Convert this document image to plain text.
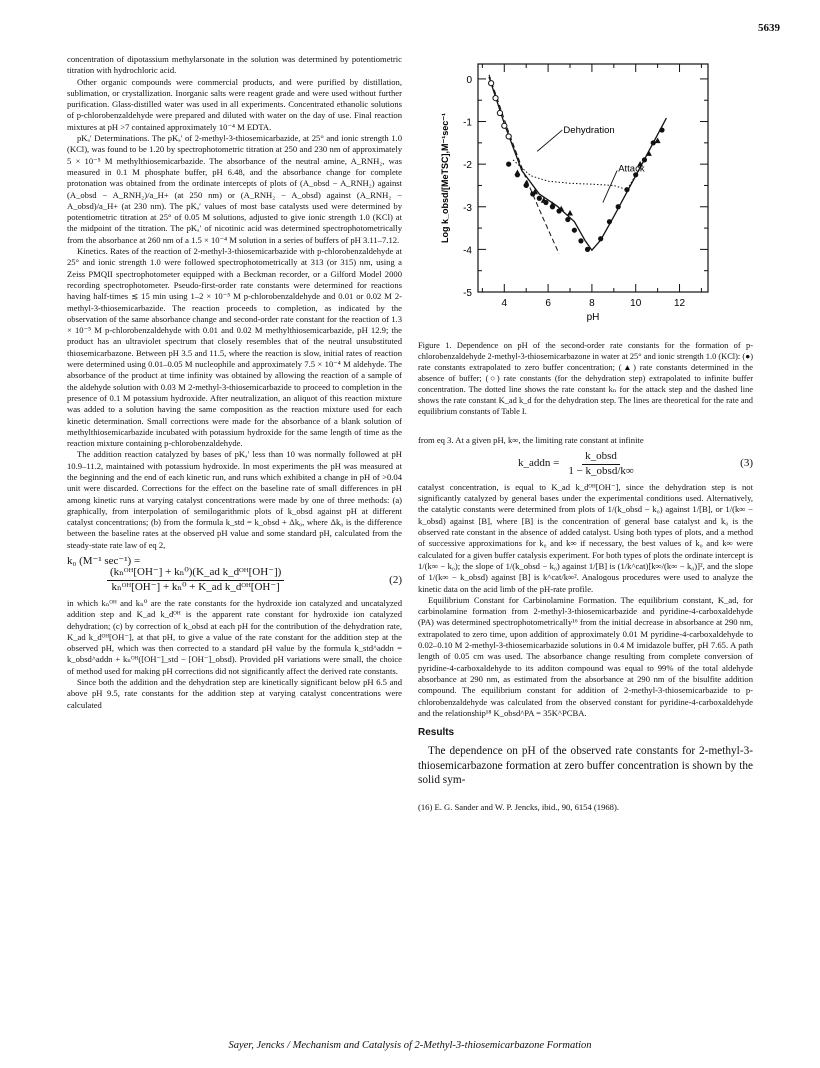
5639

concentration of dipotassium methylarsonate in the solution was determined by potentiometric titration with hydrochloric acid.

Other organic compounds were commercial products, and were purified by distillation, sublimation, or crystallization. Inorganic salts were reagent grade and were used without further purification. Glass-distilled water was used in all experiments. Concentrated ethanolic solutions of p-chlorobenzaldehyde were prepared and diluted with water on the day of use. Final reaction mixtures at pH >7 contained approximately 10⁻⁴ M EDTA.

pKₐ′ Determinations. The pKₐ′ of 2-methyl-3-thiosemicarbazide, at 25° and ionic strength 1.0 (KCl), was found to be 1.20 by spectrophotometric titration at 250 and 230 nm of approximately 5 × 10⁻⁵ M methylthiosemicarbazide. The absorbance of the neutral amine, A_RNH₂, was measured in 0.1 M phosphate buffer, pH 6.48, and the absorbance change for complete protonation was obtained from the ordinate intercepts of plots of (A_obsd − A_RNH₂) against (A_obsd − A_RNH₂)/a_H+ (at 250 nm) or (A_RNH₂ − A_obsd) against (A_RNH₂ − A_obsd)/a_H+ (at 230 nm). The pKₐ′ values of most base catalysts used were determined by potentiometric titration at 25° of 0.05 M solutions, adjusted to give ionic strength 1.0 (KCl) at the midpoint of the titration. The pKₐ′ of nicotinic acid was determined spectrophotometrically from the absorbance at 260 nm of a 1.5 × 10⁻⁴ M solution in a series of buffers of pH 3.11–7.12.

Kinetics. Rates of the reaction of 2-methyl-3-thiosemicarbazide with p-chlorobenzaldehyde at 25° and ionic strength 1.0 were followed spectrophotometrically at 313 (or 315) nm, using a Zeiss PMQII spectrophotometer equipped with a Beckman recorder, or a Gilford Model 2000 recording spectrophotometer. Pseudo-first-order rate constants were determined for reactions having half-times ≲ 15 min using 1–2 × 10⁻⁵ M p-chlorobenzaldehyde and 0.01 or 0.02 M 2-methyl-3-thiosemicarbazide. The reaction proceeds to completion, as indicated by the observation of the same absorbance change and second-order rate constant for the reaction of 1.3 × 10⁻⁵ M p-chlorobenzaldehyde with 0.01 and 0.02 M methylthiosemicarbazide, pH 12.9; the product has an ultraviolet spectrum that closely resembles that of the neutral unsubstituted thiosemicarbazone. Between pH 3.5 and 11.5, where the reaction is slow, initial rates of reaction were determined using 0.01–0.05 M nucleophile and approximately 7.5 × 10⁻⁴ M aldehyde. The absorbance of the product at time infinity was obtained by allowing the reaction of a sample of the aldehyde solution with 0.03 M 2-methyl-3-thiosemicarbazide to proceed to completion in the presence of 0.1 M potassium hydroxide. After neutralization, an aliquot of this reaction mixture was added to a solution having the same composition as the reaction mixture used for each kinetic determination. Small corrections were made for the absorbance of a blank solution of methylthiosemicarbazide incubated with potassium hydroxide for the same length of time as the reaction mixture containing p-chlorobenzaldehyde.

The addition reaction catalyzed by bases of pKₐ′ less than 10 was normally followed at pH 10.9–11.2, maintained with potassium hydroxide. In most experiments the pH was measured at the beginning and the end of each kinetic run, and runs which exhibited a change in pH of >0.04 unit were discarded. Corrections for the effect on the baseline rate of small differences in pH among kinetic runs at varying catalyst concentrations were made by one of three methods: (a) graphically, from interpolation of semilogarithmic plots of k_obsd against pH at different catalyst concentrations; (b) from the formula k_std = k_obsd + Δk₀, where Δk₀ is the difference between the baseline rates at the observed pH value and some standard pH, calculated from the steady-state rate law of eq 2,

k₀ (M⁻¹ sec⁻¹) =
$\frac{\text{(kₙᴼᴴ[OH⁻] + kₙ⁰)(K\_ad k\_dᴼᴴ[OH⁻])}}{\text{kₙᴼᴴ[OH⁻] + kₙ⁰ + K\_ad k\_dᴼᴴ[OH⁻]}}$	(2)

in which kₙᴼᴴ and kₙ⁰ are the rate constants for the hydroxide ion catalyzed and uncatalyzed addition step and K_ad k_dᴼᴴ is the apparent rate constant for hydroxide ion catalyzed dehydration; (c) by correction of k_obsd at each pH for the contribution of the dehydration rate, K_ad k_dᴼᴴ[OH⁻], at that pH, to give a value of the rate constant for the addition step at the observed pH, which was then corrected to a standard pH value by the formula k_std^addn = k_obsd^addn + kₙᴼᴴ([OH⁻]_std − [OH⁻]_obsd). Provided pH variations were small, the choice of method used for making pH corrections did not significantly affect the derived rate constants.

Since both the addition and the dehydration step are kinetically significant below pH 6.5 and above pH 9.5, rate constants for the addition step at varying catalyst concentrations were calculated

4	6	8	10	12
0
-1
-2
-3
-4
-5
pH
Log k_obsd/[MeTSC],M⁻¹sec⁻¹	Dehydration
Attack
Figure 1. Dependence on pH of the second-order rate constants for the formation of p-chlorobenzaldehyde 2-methyl-3-thiosemicarbazone in water at 25° and ionic strength 1.0 (KCl): (●) rate constants extrapolated to zero buffer concentration; (▲) rate constants determined in the absence of buffer; (○) rate constants (for the dehydration step) extrapolated to infinite buffer concentration. The dotted line shows the rate constant kₙ for the attack step and the dashed line shows the rate constant K_ad k_d for the dehydration step. The lines are theoretical for the rate and equilibrium constants of Table I.

from eq 3. At a given pH, k∞, the limiting rate constant at infinite

k_addn = $\frac{\text{k\_obsd}}{\text{1 − k\_obsd/k∞}}$	(3)

catalyst concentration, is equal to K_ad k_dᴼᴴ[OH⁻], since the dehydration step is not significantly catalyzed by general bases under the experimental conditions used. Alternatively, the catalytic constants were determined from plots of 1/(k_obsd − k₀) against 1/[B], or 1/(k∞ − k_obsd) against [B], where [B] is the concentration of general base catalyst and k₀ is the observed rate constant in the absence of added catalyst. Using both types of plots, and a method of successive approximations for k₀ and k∞ if necessary, the best values of k₀ and k∞ were calculated for a given buffer catalysis experiment. For both types of plots the ordinate intercept is 1/(k∞ − k₀); the slope of 1/(k_obsd − k₀) against 1/[B] is (1/k^cat)[k∞/(k∞ − k₀)]², and the slope of 1/(k∞ − k_obsd) against [B] is k^cat/k∞². Analogous procedures were used to analyze the kinetic data on the acid limb of the pH-rate profile.

Equilibrium Constant for Carbinolamine Formation. The equilibrium constant, K_ad, for carbinolamine formation from 2-methyl-3-thiosemicarbazide and pyridine-4-carboxaldehyde (PA) was determined spectrophotometrically¹⁶ from the initial decrease in absorbance at 290 nm, extrapolated to zero time, upon addition of approximately 0.01 M pyridine-4-carboxaldehyde to 0.02–0.10 M 2-methyl-3-thiosemicarbazide solutions in 0.4 M imidazole buffer, pH 7.65. A path length of 0.05 cm was used. The absorbance change resulting from complete conversion of pyridine-4-carboxaldehyde to its additon compound was equal to 99% of the total aldehyde absorbance at 290 nm, as estimated from the absorbance at 290 nm of the bisulfite addition compound. The equilibrium constant for addition of 2-methyl-3-thiosemicarbazide to p-chlorobenzaldehyde was calculated from the observed constant for pyridine-4-carboxaldehyde and the relationship¹⁸ K_obsd^PA = 35K^PCBA.

Results

The dependence on pH of the observed rate constants for 2-methyl-3-thiosemicarbazone formation at zero buffer concentration is shown by the solid sym-

(16) E. G. Sander and W. P. Jencks, ibid., 90, 6154 (1968).
Sayer, Jencks / Mechanism and Catalysis of 2-Methyl-3-thiosemicarbazone Formation
